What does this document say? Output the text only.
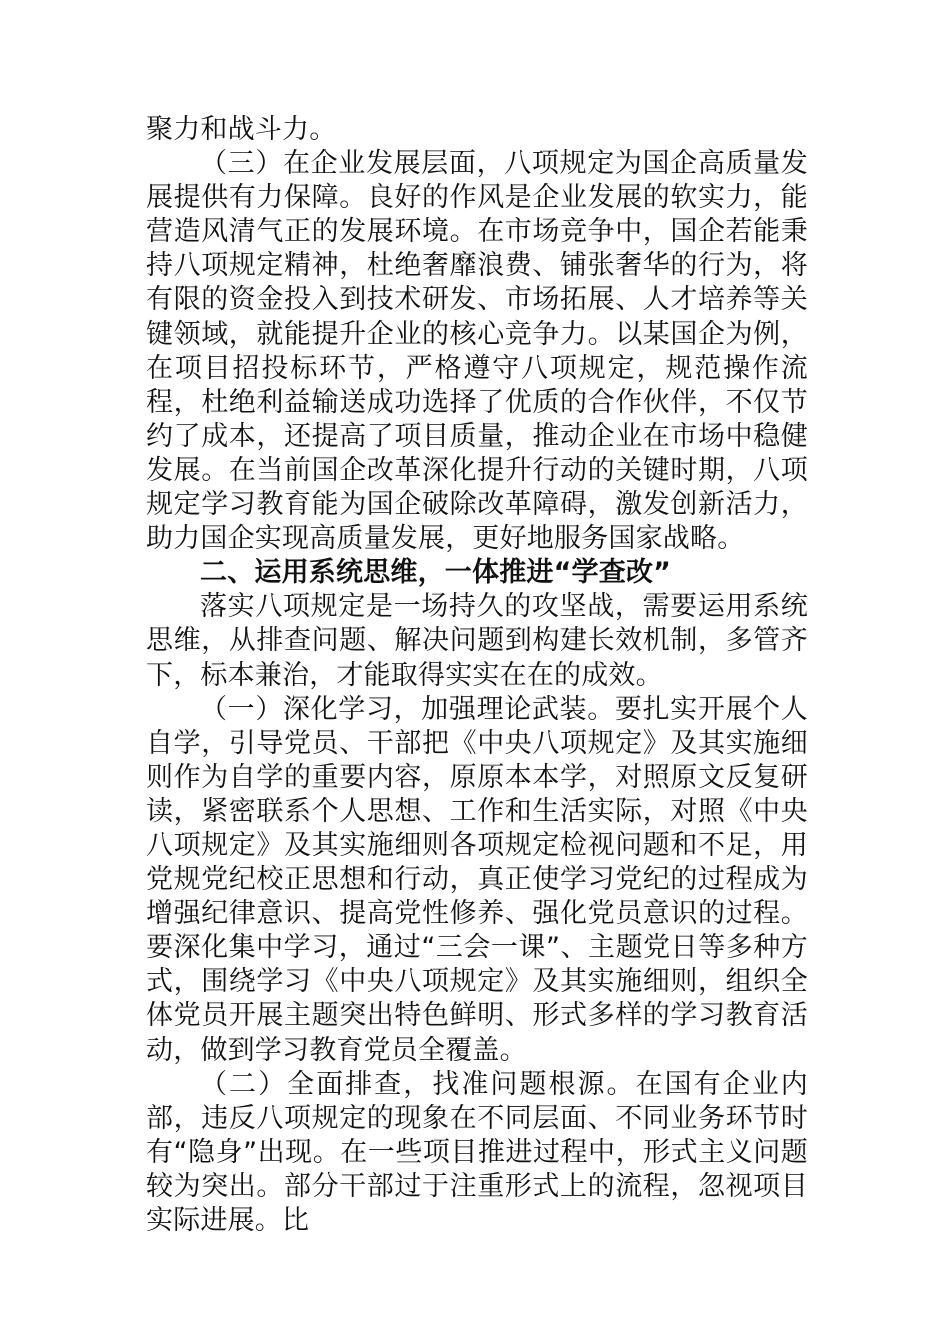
聚力和战斗力。

（三）在企业发展层面，八项规定为国企高质量发展提供有力保障。良好的作风是企业发展的软实力，能营造风清气正的发展环境。在市场竞争中，国企若能秉持八项规定精神，杜绝奢靡浪费、铺张奢华的行为，将有限的资金投入到技术研发、市场拓展、人才培养等关键领域，就能提升企业的核心竞争力。以某国企为例，在项目招投标环节，严格遵守八项规定，规范操作流程，杜绝利益输送成功选择了优质的合作伙伴，不仅节约了成本，还提高了项目质量，推动企业在市场中稳健发展。在当前国企改革深化提升行动的关键时期，八项规定学习教育能为国企破除改革障碍，激发创新活力，助力国企实现高质量发展，更好地服务国家战略。

二、运用系统思维，一体推进“学查改”

落实八项规定是一场持久的攻坚战，需要运用系统思维，从排查问题、解决问题到构建长效机制，多管齐下，标本兼治，才能取得实实在在的成效。

（一）深化学习，加强理论武装。要扎实开展个人自学，引导党员、干部把《中央八项规定》及其实施细则作为自学的重要内容，原原本本学，对照原文反复研读，紧密联系个人思想、工作和生活实际，对照《中央八项规定》及其实施细则各项规定检视问题和不足，用党规党纪校正思想和行动，真正使学习党纪的过程成为增强纪律意识、提高党性修养、强化党员意识的过程。要深化集中学习，通过“三会一课”、主题党日等多种方式，围绕学习《中央八项规定》及其实施细则，组织全体党员开展主题突出特色鲜明、形式多样的学习教育活动，做到学习教育党员全覆盖。

（二）全面排查，找准问题根源。在国有企业内部，违反八项规定的现象在不同层面、不同业务环节时有“隐身”出现。在一些项目推进过程中，形式主义问题较为突出。部分干部过于注重形式上的流程，忽视项目实际进展。比
